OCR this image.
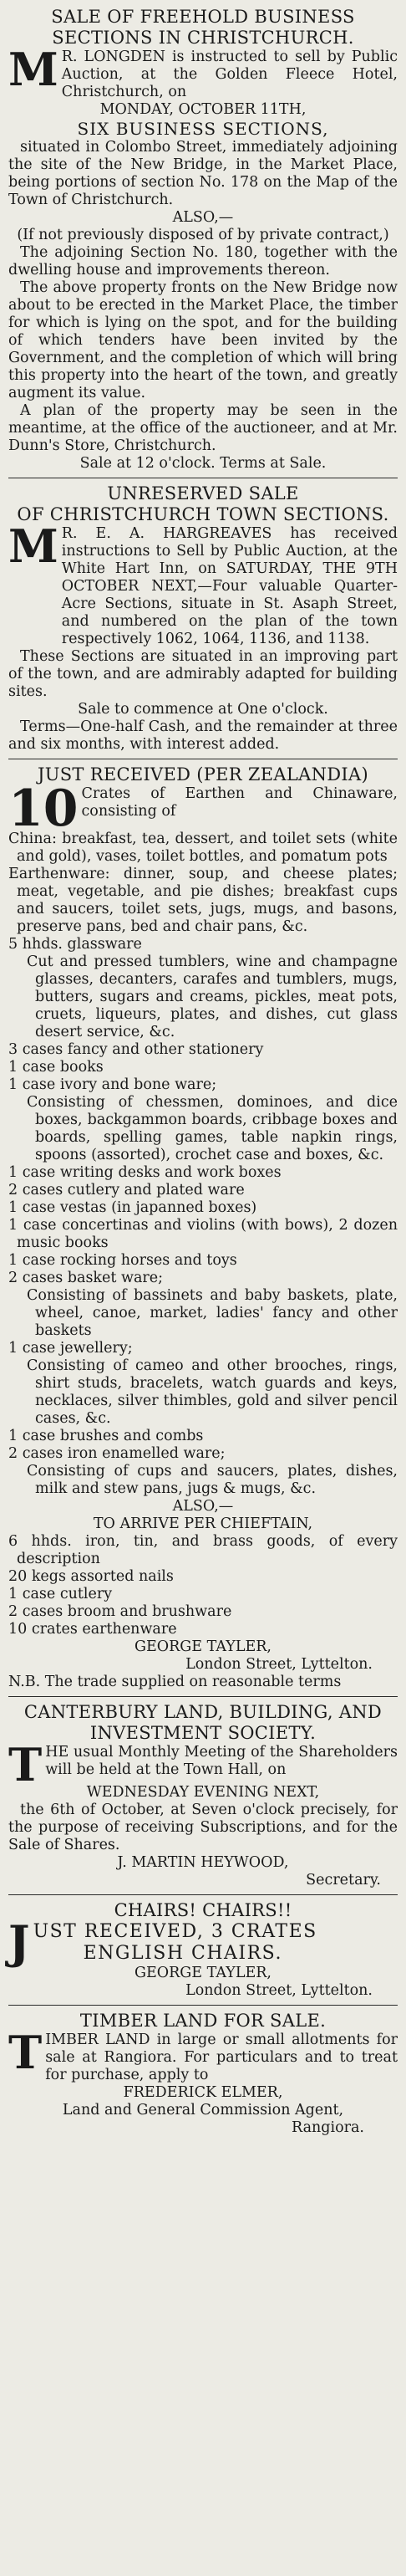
SALE OF FREEHOLD BUSINESS

SECTIONS IN CHRISTCHURCH.

M R. LONGDEN is instructed to sell by Public Auction, at the Golden Fleece Hotel, Christchurch, on

MONDAY, OCTOBER 11TH,

SIX BUSINESS SECTIONS,

situated in Colombo Street, immediately adjoining the site of the New Bridge, in the Market Place, being portions of section No. 178 on the Map of the Town of Christchurch.

ALSO,—

(If not previously disposed of by private contract,)

The adjoining Section No. 180, together with the dwelling house and improvements thereon.

The above property fronts on the New Bridge now about to be erected in the Market Place, the timber for which is lying on the spot, and for the building of which tenders have been invited by the Government, and the completion of which will bring this property into the heart of the town, and greatly augment its value.

A plan of the property may be seen in the meantime, at the office of the auctioneer, and at Mr. Dunn's Store, Christchurch.

Sale at 12 o'clock. Terms at Sale.

UNRESERVED SALE

OF CHRISTCHURCH TOWN SECTIONS.

M R. E. A. HARGREAVES has received instructions to Sell by Public Auction, at the White Hart Inn, on SATURDAY, THE 9TH OCTOBER NEXT,—Four valuable Quarter-Acre Sections, situate in St. Asaph Street, and numbered on the plan of the town respectively 1062, 1064, 1136, and 1138.

These Sections are situated in an improving part of the town, and are admirably adapted for building sites.

Sale to commence at One o'clock.

Terms—One-half Cash, and the remainder at three and six months, with interest added.

JUST RECEIVED (PER ZEALANDIA)

10 Crates of Earthen and Chinaware, consisting of

China: breakfast, tea, dessert, and toilet sets (white and gold), vases, toilet bottles, and pomatum pots

Earthenware: dinner, soup, and cheese plates; meat, vegetable, and pie dishes; breakfast cups and saucers, toilet sets, jugs, mugs, and basons, preserve pans, bed and chair pans, &c.

5 hhds. glassware

Cut and pressed tumblers, wine and champagne glasses, decanters, carafes and tumblers, mugs, butters, sugars and creams, pickles, meat pots, cruets, liqueurs, plates, and dishes, cut glass desert service, &c.

3 cases fancy and other stationery

1 case books

1 case ivory and bone ware;

Consisting of chessmen, dominoes, and dice boxes, backgammon boards, cribbage boxes and boards, spelling games, table napkin rings, spoons (assorted), crochet case and boxes, &c.

1 case writing desks and work boxes

2 cases cutlery and plated ware

1 case vestas (in japanned boxes)

1 case concertinas and violins (with bows), 2 dozen music books

1 case rocking horses and toys

2 cases basket ware;

Consisting of bassinets and baby baskets, plate, wheel, canoe, market, ladies' fancy and other baskets

1 case jewellery;

Consisting of cameo and other brooches, rings, shirt studs, bracelets, watch guards and keys, necklaces, silver thimbles, gold and silver pencil cases, &c.

1 case brushes and combs

2 cases iron enamelled ware;

Consisting of cups and saucers, plates, dishes, milk and stew pans, jugs & mugs, &c.

ALSO,—

TO ARRIVE PER CHIEFTAIN,

6 hhds. iron, tin, and brass goods, of every description

20 kegs assorted nails

1 case cutlery

2 cases broom and brushware

10 crates earthenware

GEORGE TAYLER,

London Street, Lyttelton.

N.B. The trade supplied on reasonable terms

CANTERBURY LAND, BUILDING, AND

INVESTMENT SOCIETY.

T HE usual Monthly Meeting of the Shareholders will be held at the Town Hall, on

WEDNESDAY EVENING NEXT,

the 6th of October, at Seven o'clock precisely, for the purpose of receiving Subscriptions, and for the Sale of Shares.

J. MARTIN HEYWOOD,

Secretary.

CHAIRS! CHAIRS!!

J UST RECEIVED, 3 CRATES
ENGLISH CHAIRS.

GEORGE TAYLER,

London Street, Lyttelton.

TIMBER LAND FOR SALE.

T IMBER LAND in large or small allotments for sale at Rangiora. For particulars and to treat for purchase, apply to

FREDERICK ELMER,

Land and General Commission Agent,

Rangiora.
